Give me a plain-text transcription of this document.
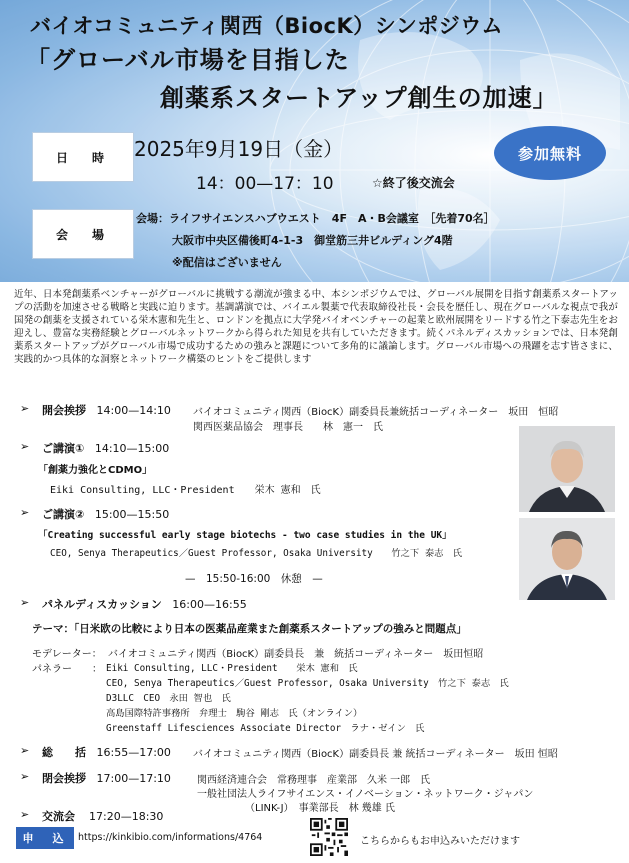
バイオコミュニティ関西（BiocK）シンポジウム
「グローバル市場を目指した
創薬系スタートアップ創生の加速」
日　時	2025年9月19日（金）
14：00—17：10	☆終了後交流会
参加無料
会　場
会場：ライフサイエンスハブウエスト　4F　A・B会議室　［先着70名］
大阪市中央区備後町4-1-3　御堂筋三井ビルディング4階
※配信はございません
近年、日本発創薬系ベンチャーがグローバルに挑戦する潮流が強まる中、本シンポジウムでは、グローバル展開を目指す創薬系スタートアップの活動を加速させる戦略と実践に迫ります。基調講演では、バイエル製薬で代表取締役社長・会長を歴任し、現在グローバルな視点で我が国発の創薬を支援されている栄木憲和先生と、ロンドンを拠点に大学発バイオベンチャーの起業と欧州展開をリードする竹之下泰志先生をお迎えし、豊富な実務経験とグローバルネットワークから得られた知見を共有していただきます。続くパネルディスカッションでは、日本発創薬系スタートアップがグローバル市場で成功するための強みと課題について多角的に議論します。グローバル市場への飛躍を志す皆さまに、実践的かつ具体的な洞察とネットワーク構築のヒントをご提供します
➢ 開会挨拶 14:00—14:10 バイオコミュニティ関西（BiocK）副委員長兼統括コーディネーター　坂田　恒昭
関西医薬品協会　理事長　　林　憲一　氏
➢ ご講演① 14:10—15:00
「創薬力強化とCDMO」
Eiki Consulting, LLC・President　　栄木 憲和　氏
➢ ご講演② 15:00—15:50
「Creating successful early stage biotechs - two case studies in the UK」
CEO, Senya Therapeutics／Guest Professor, Osaka University　　竹之下 泰志　氏
—　15:50-16:00　休憩　—
➢ パネルディスカッション 16:00—16:55
テーマ：「日米欧の比較により日本の医薬品産業また創薬系スタートアップの強みと問題点」
モデレーター： バイオコミュニティ関西（BiocK）副委員長　兼　統括コーディネーター　坂田恒昭
パネラー　　： Eiki Consulting, LLC・President　　栄木 憲和　氏
CEO, Senya Therapeutics／Guest Professor, Osaka University　竹之下 泰志　氏
D3LLC　CEO　永田 智也　氏
高島国際特許事務所　弁理士　駒谷 剛志　氏（オンライン）
Greenstaff Lifesciences Associate Director　ラナ・ゼイン　氏
➢ 総　　括 16:55—17:00 バイオコミュニティ関西（BiocK）副委員長 兼 統括コーディネーター　坂田 恒昭
➢ 閉会挨拶 17:00—17:10	関西経済連合会　常務理事　産業部　久米 一郎　氏
一般社団法人ライフサイエンス・イノベーション・ネットワーク・ジャパン
（LINK-J）　事業部長　林 幾雄 氏
➢ 交流会 17:20—18:30
申　込	https://kinkibio.com/informations/4764	こちらからもお申込みいただけます
